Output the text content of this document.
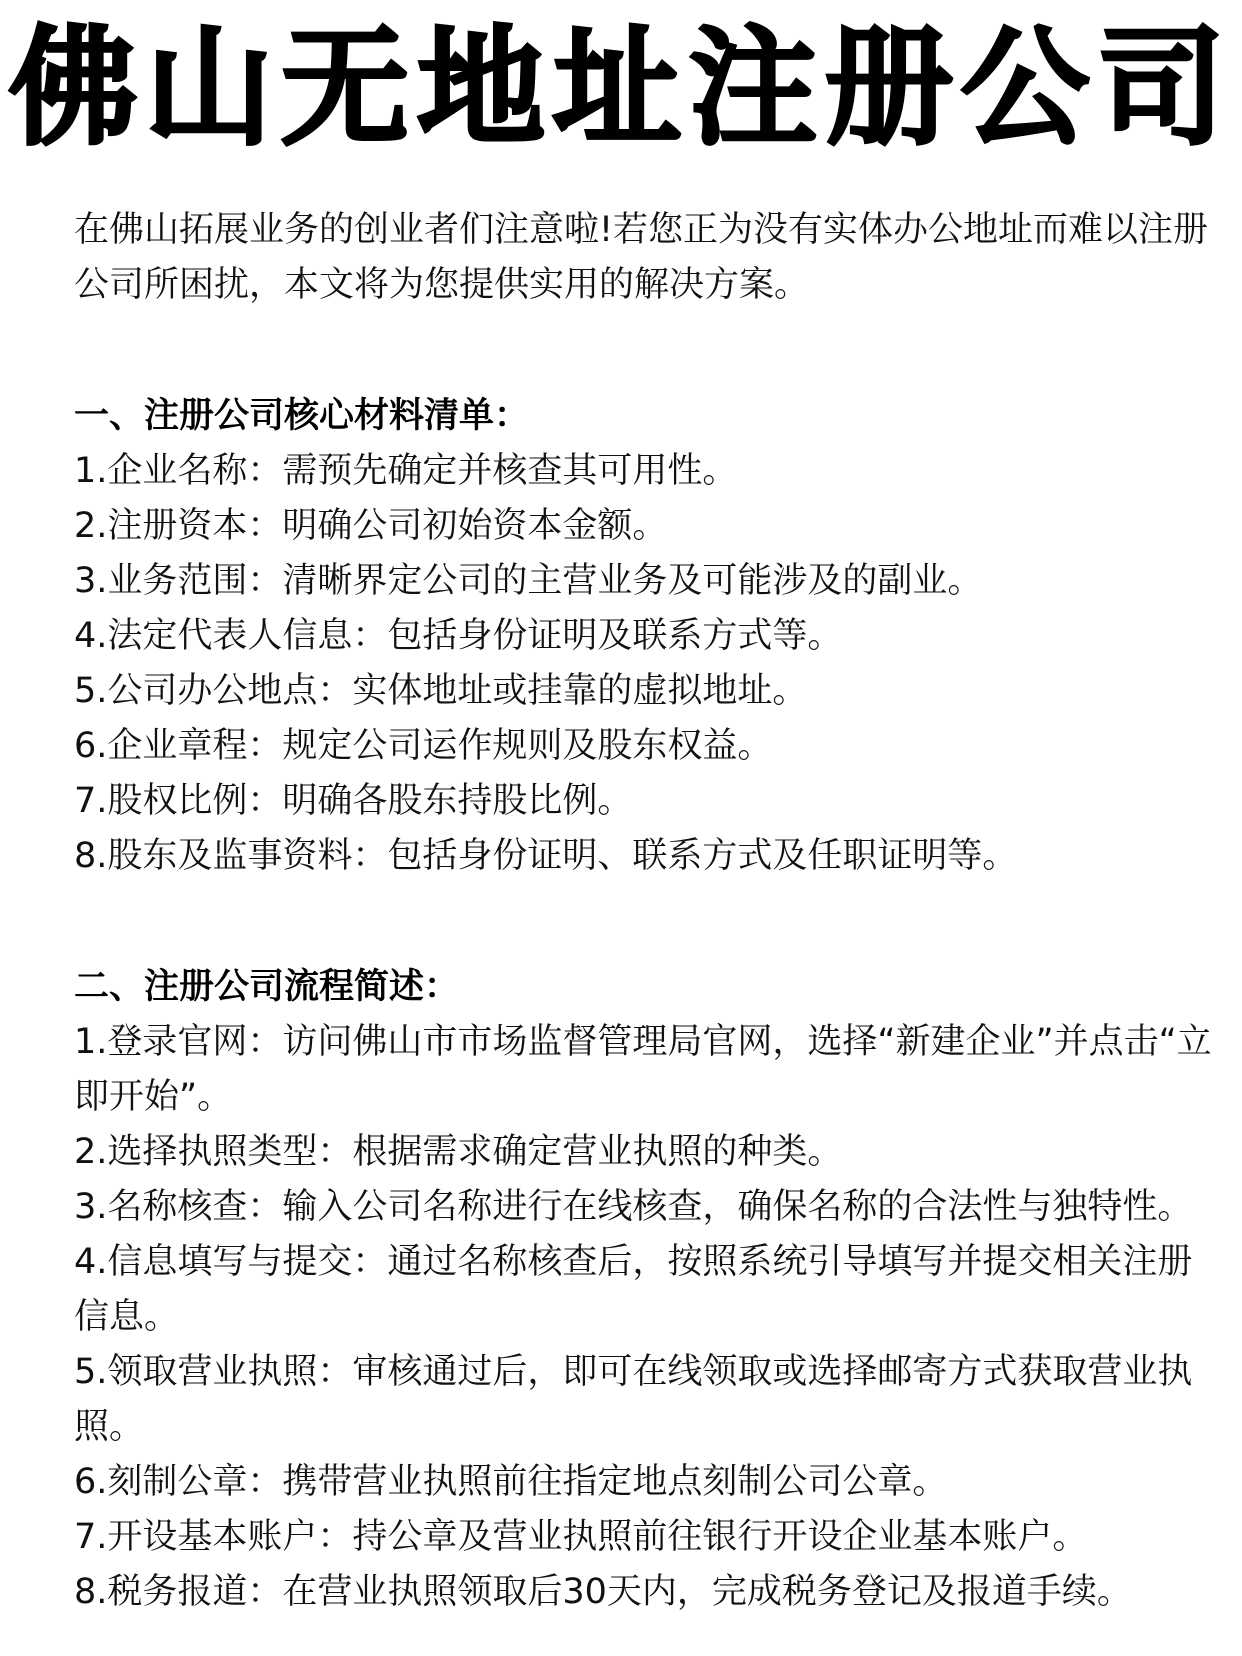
佛山无地址注册公司

在佛山拓展业务的创业者们注意啦!若您正为没有实体办公地址而难以注册公司所困扰，本文将为您提供实用的解决方案。

一、注册公司核心材料清单：

1.企业名称：需预先确定并核查其可用性。

2.注册资本：明确公司初始资本金额。

3.业务范围：清晰界定公司的主营业务及可能涉及的副业。

4.法定代表人信息：包括身份证明及联系方式等。

5.公司办公地点：实体地址或挂靠的虚拟地址。

6.企业章程：规定公司运作规则及股东权益。

7.股权比例：明确各股东持股比例。

8.股东及监事资料：包括身份证明、联系方式及任职证明等。

二、注册公司流程简述：

1.登录官网：访问佛山市市场监督管理局官网，选择“新建企业”并点击“立即开始”。

2.选择执照类型：根据需求确定营业执照的种类。

3.名称核查：输入公司名称进行在线核查，确保名称的合法性与独特性。

4.信息填写与提交：通过名称核查后，按照系统引导填写并提交相关注册信息。

5.领取营业执照：审核通过后，即可在线领取或选择邮寄方式获取营业执照。

6.刻制公章：携带营业执照前往指定地点刻制公司公章。

7.开设基本账户：持公章及营业执照前往银行开设企业基本账户。

8.税务报道：在营业执照领取后30天内，完成税务登记及报道手续。
